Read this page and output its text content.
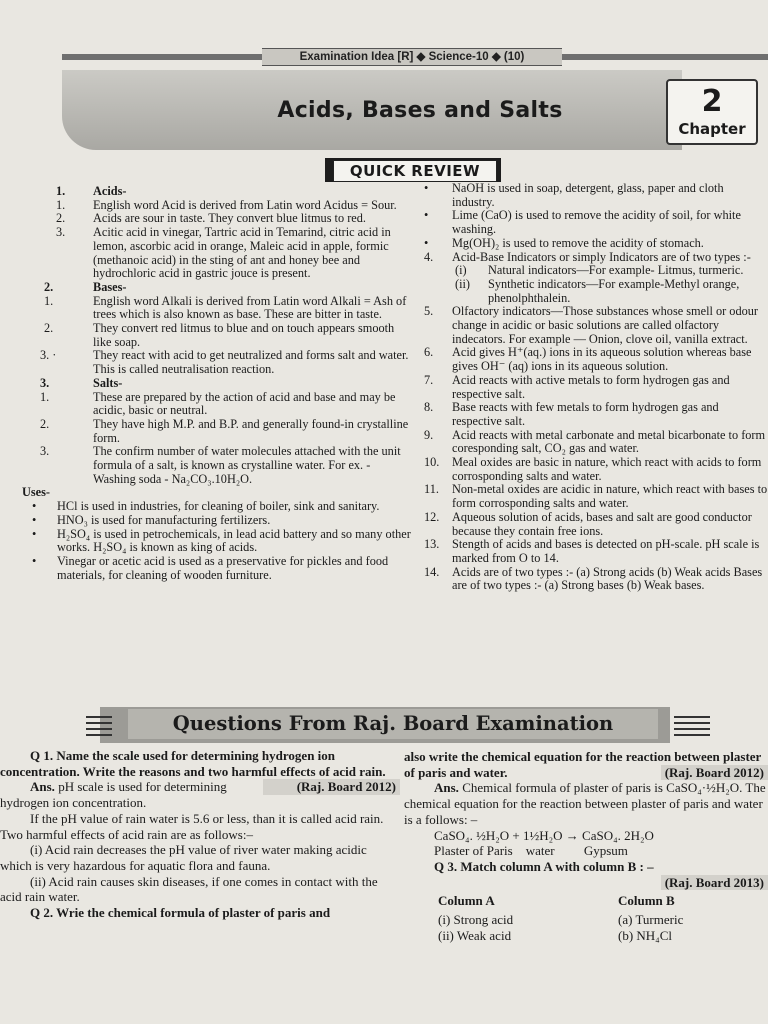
Examination Idea [R] ◆ Science-10 ◆ (10)
Acids, Bases and Salts	2
Chapter
QUICK REVIEW
1.	Acids-
1.	English word Acid is derived from Latin word Acidus = Sour.
2.	Acids are sour in taste. They convert blue litmus to red.
3.	Acitic acid in vinegar, Tartric acid in Temarind, citric acid in lemon, ascorbic acid in orange, Maleic acid in apple, formic (methanoic acid) in the sting of ant and honey bee and hydrochloric acid in gastric jouce is present.
2.	Bases-
1.	English word Alkali is derived from Latin word Alkali = Ash of trees which is also known as base. These are bitter in taste.
2.	They convert red litmus to blue and on touch appears smooth like soap.
3. ·	They react with acid to get neutralized and forms salt and water. This is called neutralisation reaction.
3.	Salts-
1.	These are prepared by the action of acid and base and may be acidic, basic or neutral.
2.	They have high M.P. and B.P. and generally found-in crystalline form.
3.	The confirm number of water molecules attached with the unit formula of a salt, is known as crystalline water. For ex. - Washing soda - Na₂CO₃.10H₂O.
Uses-
•	HCl is used in industries, for cleaning of boiler, sink and sanitary.
•	HNO₃ is used for manufacturing fertilizers.
•	H₂SO₄ is used in petrochemicals, in lead acid battery and so many other works. H₂SO₄ is known as king of acids.
•	Vinegar or acetic acid is used as a preservative for pickles and food materials, for cleaning of wooden furniture.
•	NaOH is used in soap, detergent, glass, paper and cloth industry.
•	Lime (CaO) is used to remove the acidity of soil, for white washing.
•	Mg(OH)₂ is used to remove the acidity of stomach.
4.	Acid-Base Indicators or simply Indicators are of two types :-
(i)	Natural indicators—For example- Litmus, turmeric.
(ii)	Synthetic indicators—For example-Methyl orange, phenolphthalein.
5.	Olfactory indicators—Those substances whose smell or odour change in acidic or basic solutions are called olfactory indecators. For example — Onion, clove oil, vanilla extract.
6.	Acid gives H⁺(aq.) ions in its aqueous solution whereas base gives OH⁻ (aq) ions in its aqueous solution.
7.	Acid reacts with active metals to form hydrogen gas and respective salt.
8.	Base reacts with few metals to form hydrogen gas and respective salt.
9.	Acid reacts with metal carbonate and metal bicarbonate to form coresponding salt, CO₂ gas and water.
10.	Meal oxides are basic in nature, which react with acids to form corrosponding salts and water.
11.	Non-metal oxides are acidic in nature, which react with bases to form corrosponding salts and water.
12.	Aqueous solution of acids, bases and salt are good conductor because they contain free ions.
13.	Stength of acids and bases is detected on pH-scale. pH scale is marked from O to 14.
14.	Acids are of two types :- (a) Strong acids (b) Weak acids Bases are of two types :- (a) Strong bases (b) Weak bases.
Questions From Raj. Board Examination

Q 1. Name the scale used for determining hydrogen ion concentration. Write the reasons and two harmful effects of acid rain.
(Raj. Board 2012)

Ans. pH scale is used for determining hydrogen ion concentration.

If the pH value of rain water is 5.6 or less, than it is called acid rain. Two harmful effects of acid rain are as follows:–

(i) Acid rain decreases the pH value of river water making acidic which is very hazardous for aquatic flora and fauna.

(ii) Acid rain causes skin diseases, if one comes in contact with the acid rain water.

Q 2. Wrie the chemical formula of plaster of paris and

also write the chemical equation for the reaction between plaster of paris and water.	(Raj. Board 2012)

Ans. Chemical formula of plaster of paris is CaSO₄·½H₂O. The chemical equation for the reaction between plaster of paris and water is a follows: –

CaSO₄. ½H₂O + 1½H₂O → CaSO₄. 2H₂O

Plaster of Paris    water         Gypsum

Q 3. Match column A with column B : –

(Raj. Board 2013)

Column A	Column B
(i) Strong acid	(a) Turmeric
(ii) Weak acid	(b) NH₄Cl
